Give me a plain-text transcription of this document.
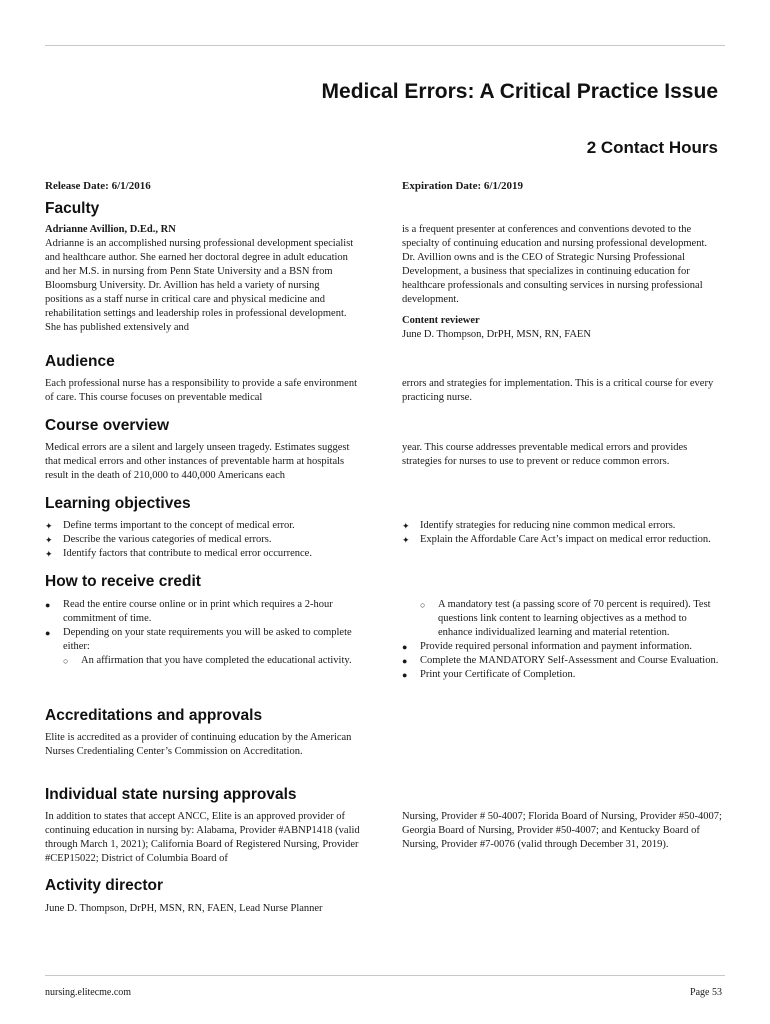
Medical Errors: A Critical Practice Issue
2 Contact Hours
Release Date: 6/1/2016	Expiration Date: 6/1/2019
Faculty

Adrianne Avillion, D.Ed., RN

Adrianne is an accomplished nursing professional development specialist and healthcare author. She earned her doctoral degree in adult education and her M.S. in nursing from Penn State University and a BSN from Bloomsburg University. Dr. Avillion has held a variety of nursing positions as a staff nurse in critical care and physical medicine and rehabilitation settings and leadership roles in professional development. She has published extensively and

is a frequent presenter at conferences and conventions devoted to the specialty of continuing education and nursing professional development. Dr. Avillion owns and is the CEO of Strategic Nursing Professional Development, a business that specializes in continuing education for healthcare professionals and consulting services in nursing professional development.

Content reviewer

June D. Thompson, DrPH, MSN, RN, FAEN

Audience
Each professional nurse has a responsibility to provide a safe environment of care. This course focuses on preventable medical
errors and strategies for implementation. This is a critical course for every practicing nurse.
Course overview
Medical errors are a silent and largely unseen tragedy. Estimates suggest that medical errors and other instances of preventable harm at hospitals result in the death of 210,000 to 440,000 Americans each
year. This course addresses preventable medical errors and provides strategies for nurses to use to prevent or reduce common errors.
Learning objectives
✦ Define terms important to the concept of medical error.
✦ Describe the various categories of medical errors.
✦ Identify factors that contribute to medical error occurrence.
✦ Identify strategies for reducing nine common medical errors.
✦ Explain the Affordable Care Act’s impact on medical error reduction.
How to receive credit
● Read the entire course online or in print which requires a 2-hour commitment of time.
● Depending on your state requirements you will be asked to complete either:
○ An affirmation that you have completed the educational activity.
○ A mandatory test (a passing score of 70 percent is required). Test questions link content to learning objectives as a method to enhance individualized learning and material retention.
● Provide required personal information and payment information.
● Complete the MANDATORY Self-Assessment and Course Evaluation.
● Print your Certificate of Completion.
Accreditations and approvals
Elite is accredited as a provider of continuing education by the American Nurses Credentialing Center’s Commission on Accreditation.
Individual state nursing approvals
In addition to states that accept ANCC, Elite is an approved provider of continuing education in nursing by: Alabama, Provider #ABNP1418 (valid through March 1, 2021); California Board of Registered Nursing, Provider #CEP15022; District of Columbia Board of
Nursing, Provider # 50-4007; Florida Board of Nursing, Provider #50-4007; Georgia Board of Nursing, Provider #50-4007; and Kentucky Board of Nursing, Provider #7-0076 (valid through December 31, 2019).
Activity director
June D. Thompson, DrPH, MSN, RN, FAEN, Lead Nurse Planner
nursing.elitecme.com	Page 53
